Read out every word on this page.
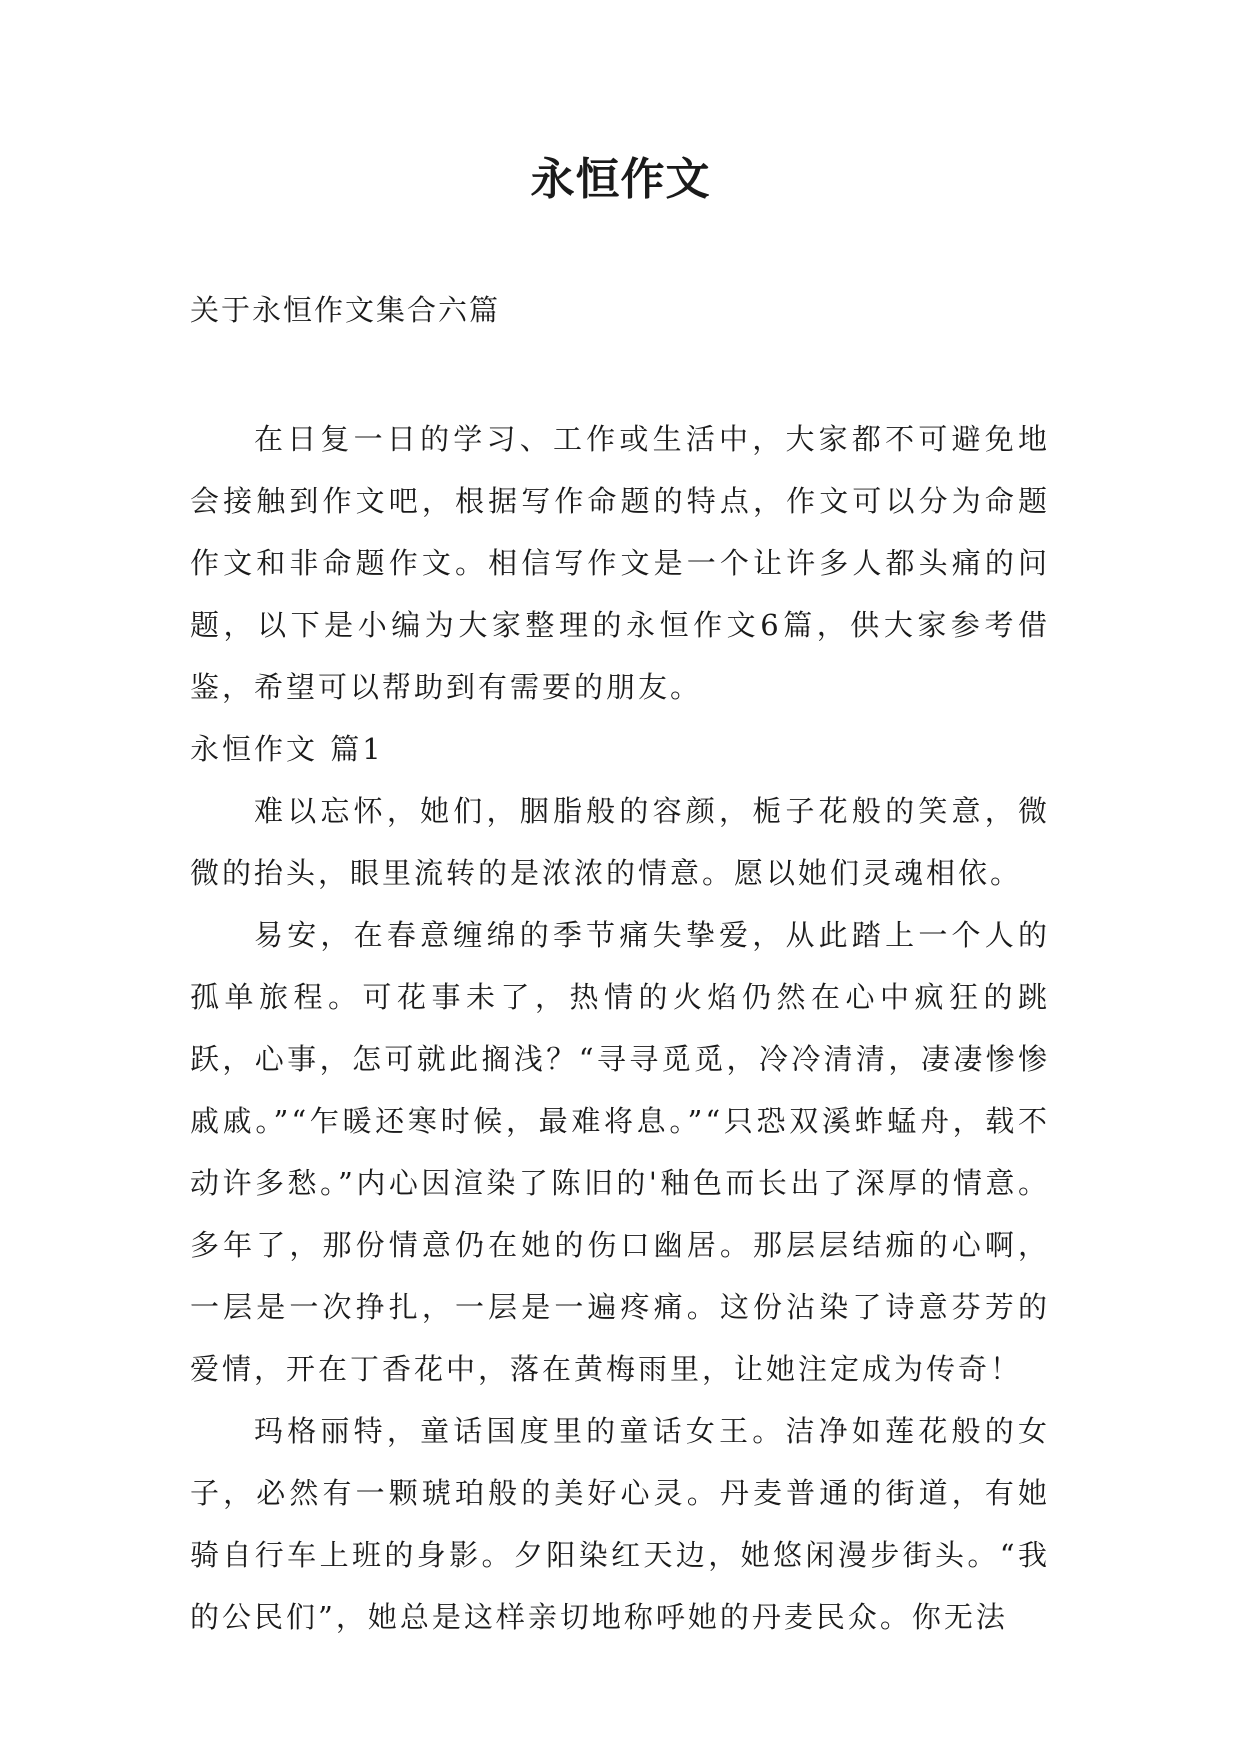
永恒作文
关于永恒作文集合六篇

在日复一日的学习、工作或生活中，大家都不可避免地会接触到作文吧，根据写作命题的特点，作文可以分为命题作文和非命题作文。相信写作文是一个让许多人都头痛的问题，以下是小编为大家整理的永恒作文6篇，供大家参考借鉴，希望可以帮助到有需要的朋友。

永恒作文 篇1

难以忘怀，她们，胭脂般的容颜，栀子花般的笑意，微微的抬头，眼里流转的是浓浓的情意。愿以她们灵魂相依。

易安，在春意缠绵的季节痛失挚爱，从此踏上一个人的孤单旅程。可花事未了，热情的火焰仍然在心中疯狂的跳跃，心事，怎可就此搁浅？“寻寻觅觅，冷冷清清，凄凄惨惨戚戚。”“乍暖还寒时候，最难将息。”“只恐双溪蚱蜢舟，载不动许多愁。”内心因渲染了陈旧的'釉色而长出了深厚的情意。多年了，那份情意仍在她的伤口幽居。那层层结痂的心啊，一层是一次挣扎，一层是一遍疼痛。这份沾染了诗意芬芳的爱情，开在丁香花中，落在黄梅雨里，让她注定成为传奇！

玛格丽特，童话国度里的童话女王。洁净如莲花般的女子，必然有一颗琥珀般的美好心灵。丹麦普通的街道，有她骑自行车上班的身影。夕阳染红天边，她悠闲漫步街头。“我的公民们”，她总是这样亲切地称呼她的丹麦民众。你无法
